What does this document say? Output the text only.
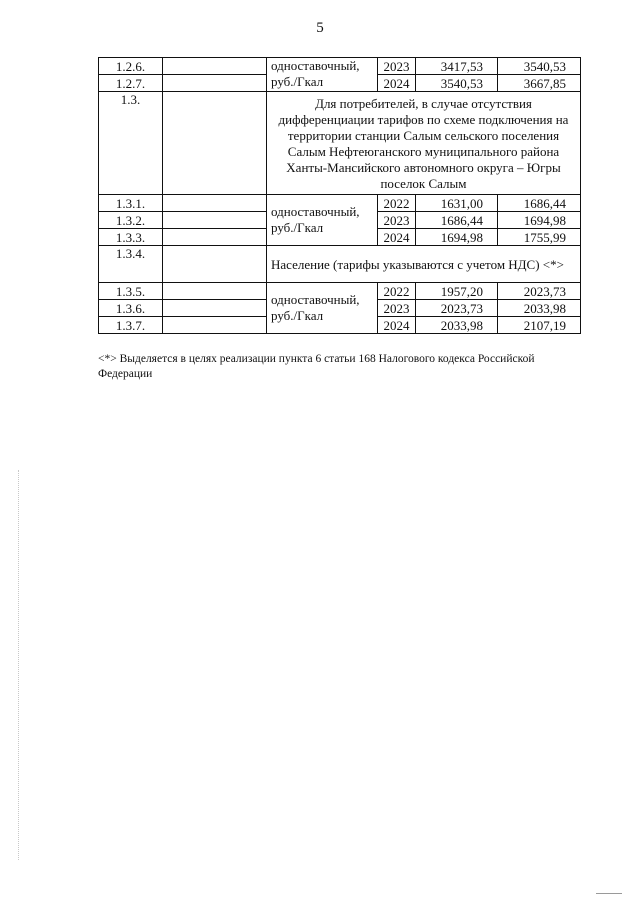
5
1.2.6.		одноставочный, руб./Гкал	2023	3417,53	3540,53
1.2.7.			2024	3540,53	3667,85
1.3.		Для потребителей, в случае отсутствия дифференциации тарифов по схеме подключения на территории станции Салым сельского поселения Салым Нефтеюганского муниципального района Ханты-Мансийского автономного округа – Югры поселок Салым			
1.3.1.		одноставочный, руб./Гкал	2022	1631,00	1686,44
1.3.2.			2023	1686,44	1694,98
1.3.3.			2024	1694,98	1755,99
1.3.4.		Население (тарифы указываются с учетом НДС) <*>			
1.3.5.		одноставочный, руб./Гкал	2022	1957,20	2023,73
1.3.6.			2023	2023,73	2033,98
1.3.7.			2024	2033,98	2107,19
<*> Выделяется в целях реализации пункта 6 статьи 168 Налогового кодекса Российской Федерации
